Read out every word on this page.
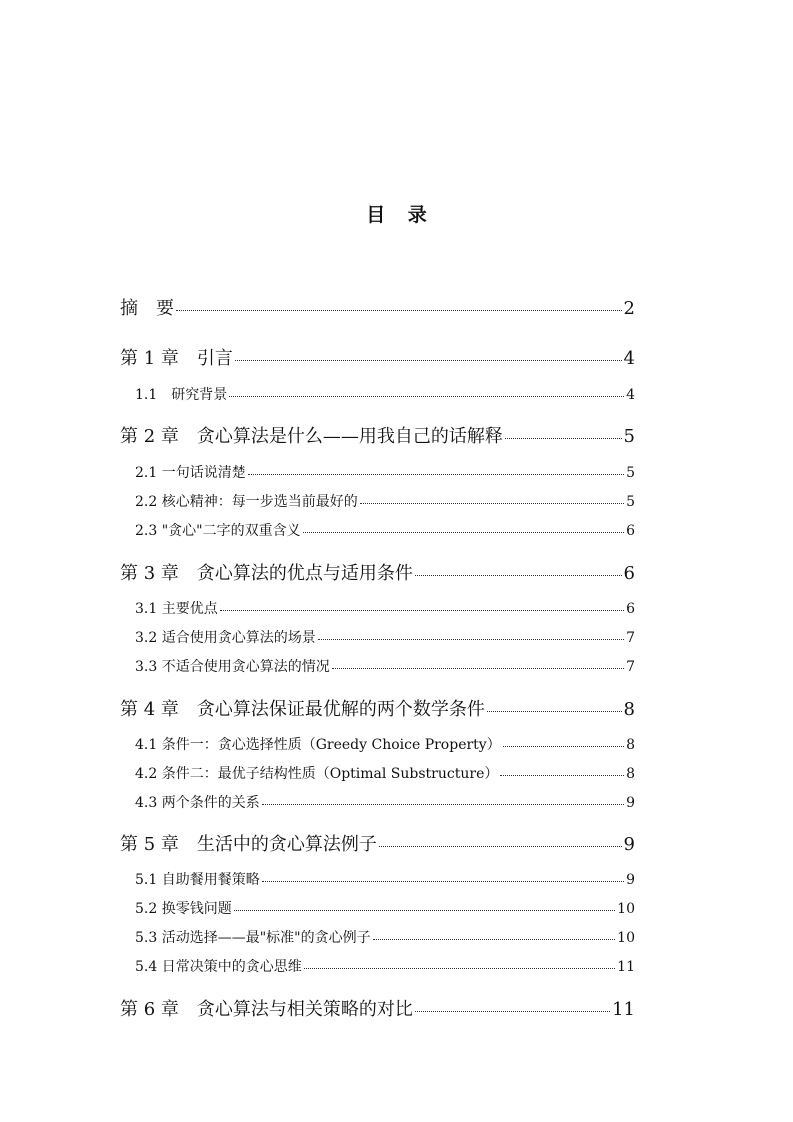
目 录
摘　要	2
第 1 章　引言	4
1.1　研究背景	4
第 2 章　贪心算法是什么——用我自己的话解释	5
2.1 一句话说清楚	5
2.2 核心精神：每一步选当前最好的	5
2.3 "贪心"二字的双重含义	6
第 3 章　贪心算法的优点与适用条件	6
3.1 主要优点	6
3.2 适合使用贪心算法的场景	7
3.3 不适合使用贪心算法的情况	7
第 4 章　贪心算法保证最优解的两个数学条件	8
4.1 条件一：贪心选择性质（Greedy Choice Property）	8
4.2 条件二：最优子结构性质（Optimal Substructure）	8
4.3 两个条件的关系	9
第 5 章　生活中的贪心算法例子	9
5.1 自助餐用餐策略	9
5.2 换零钱问题	10
5.3 活动选择——最"标准"的贪心例子	10
5.4 日常决策中的贪心思维	11
第 6 章　贪心算法与相关策略的对比	11
